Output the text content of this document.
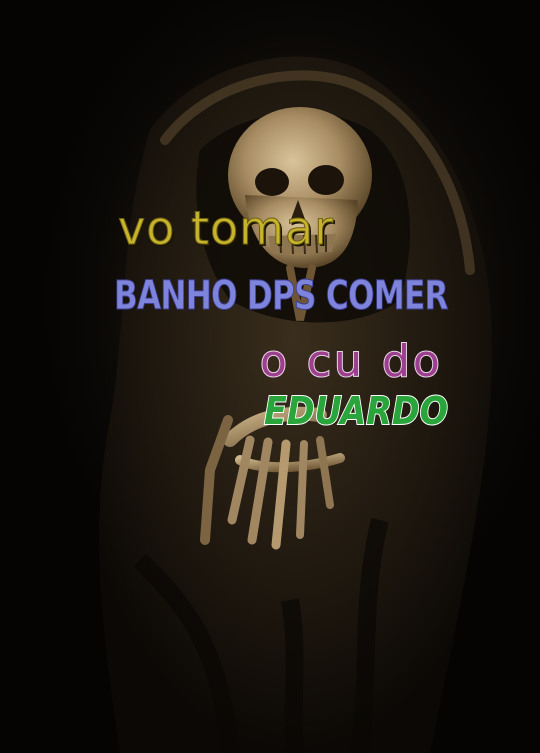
vo tomar

BANHO DPS COMER

o cu do

EDUARDO
